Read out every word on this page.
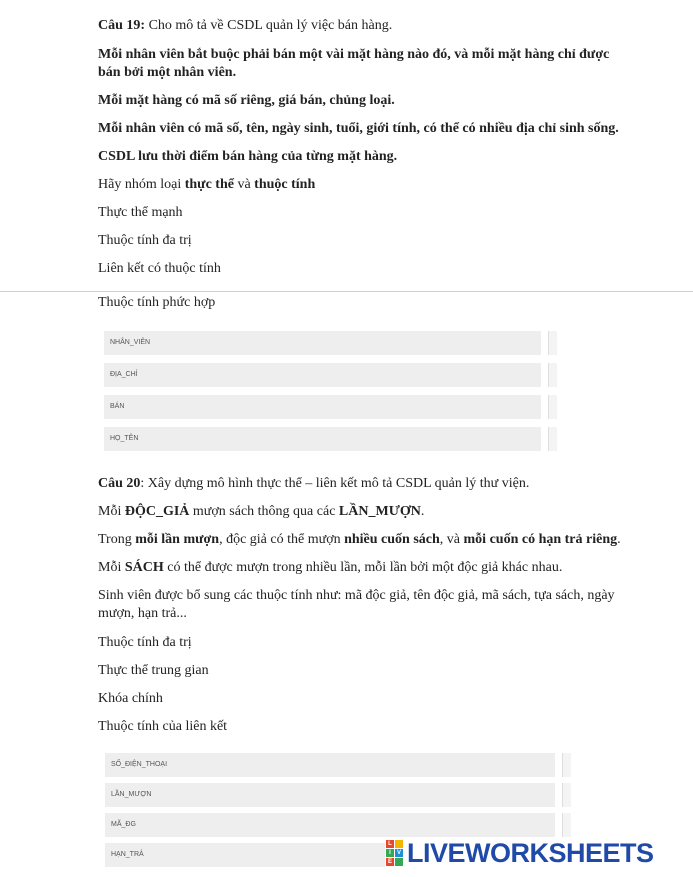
Câu 19: Cho mô tả về CSDL quản lý việc bán hàng.
Mỗi nhân viên bắt buộc phải bán một vài mặt hàng nào đó, và mỗi mặt hàng chỉ được
bán bởi một nhân viên.
Mỗi mặt hàng có mã số riêng, giá bán, chủng loại.
Mỗi nhân viên có mã số, tên, ngày sinh, tuổi, giới tính, có thể có nhiều địa chỉ sinh sống.
CSDL lưu thời điểm bán hàng của từng mặt hàng.
Hãy nhóm loại thực thể và thuộc tính
Thực thể mạnh
Thuộc tính đa trị
Liên kết có thuộc tính
Thuộc tính phức hợp
NHÂN_VIÊN
ĐỊA_CHỈ
BÁN
HỌ_TÊN
Câu 20: Xây dựng mô hình thực thể – liên kết mô tả CSDL quản lý thư viện.
Mỗi ĐỘC_GIẢ mượn sách thông qua các LẦN_MƯỢN.
Trong mỗi lần mượn, độc giả có thể mượn nhiều cuốn sách, và mỗi cuốn có hạn trả riêng.
Mỗi SÁCH có thể được mượn trong nhiều lần, mỗi lần bởi một độc giả khác nhau.
Sinh viên được bổ sung các thuộc tính như: mã độc giả, tên độc giả, mã sách, tựa sách, ngày
mượn, hạn trả...
Thuộc tính đa trị
Thực thể trung gian
Khóa chính
Thuộc tính của liên kết
SỐ_ĐIỆN_THOẠI
LẦN_MƯỢN
MÃ_ĐG
HẠN_TRẢ
L
I	V
E LIVEWORKSHEETS
